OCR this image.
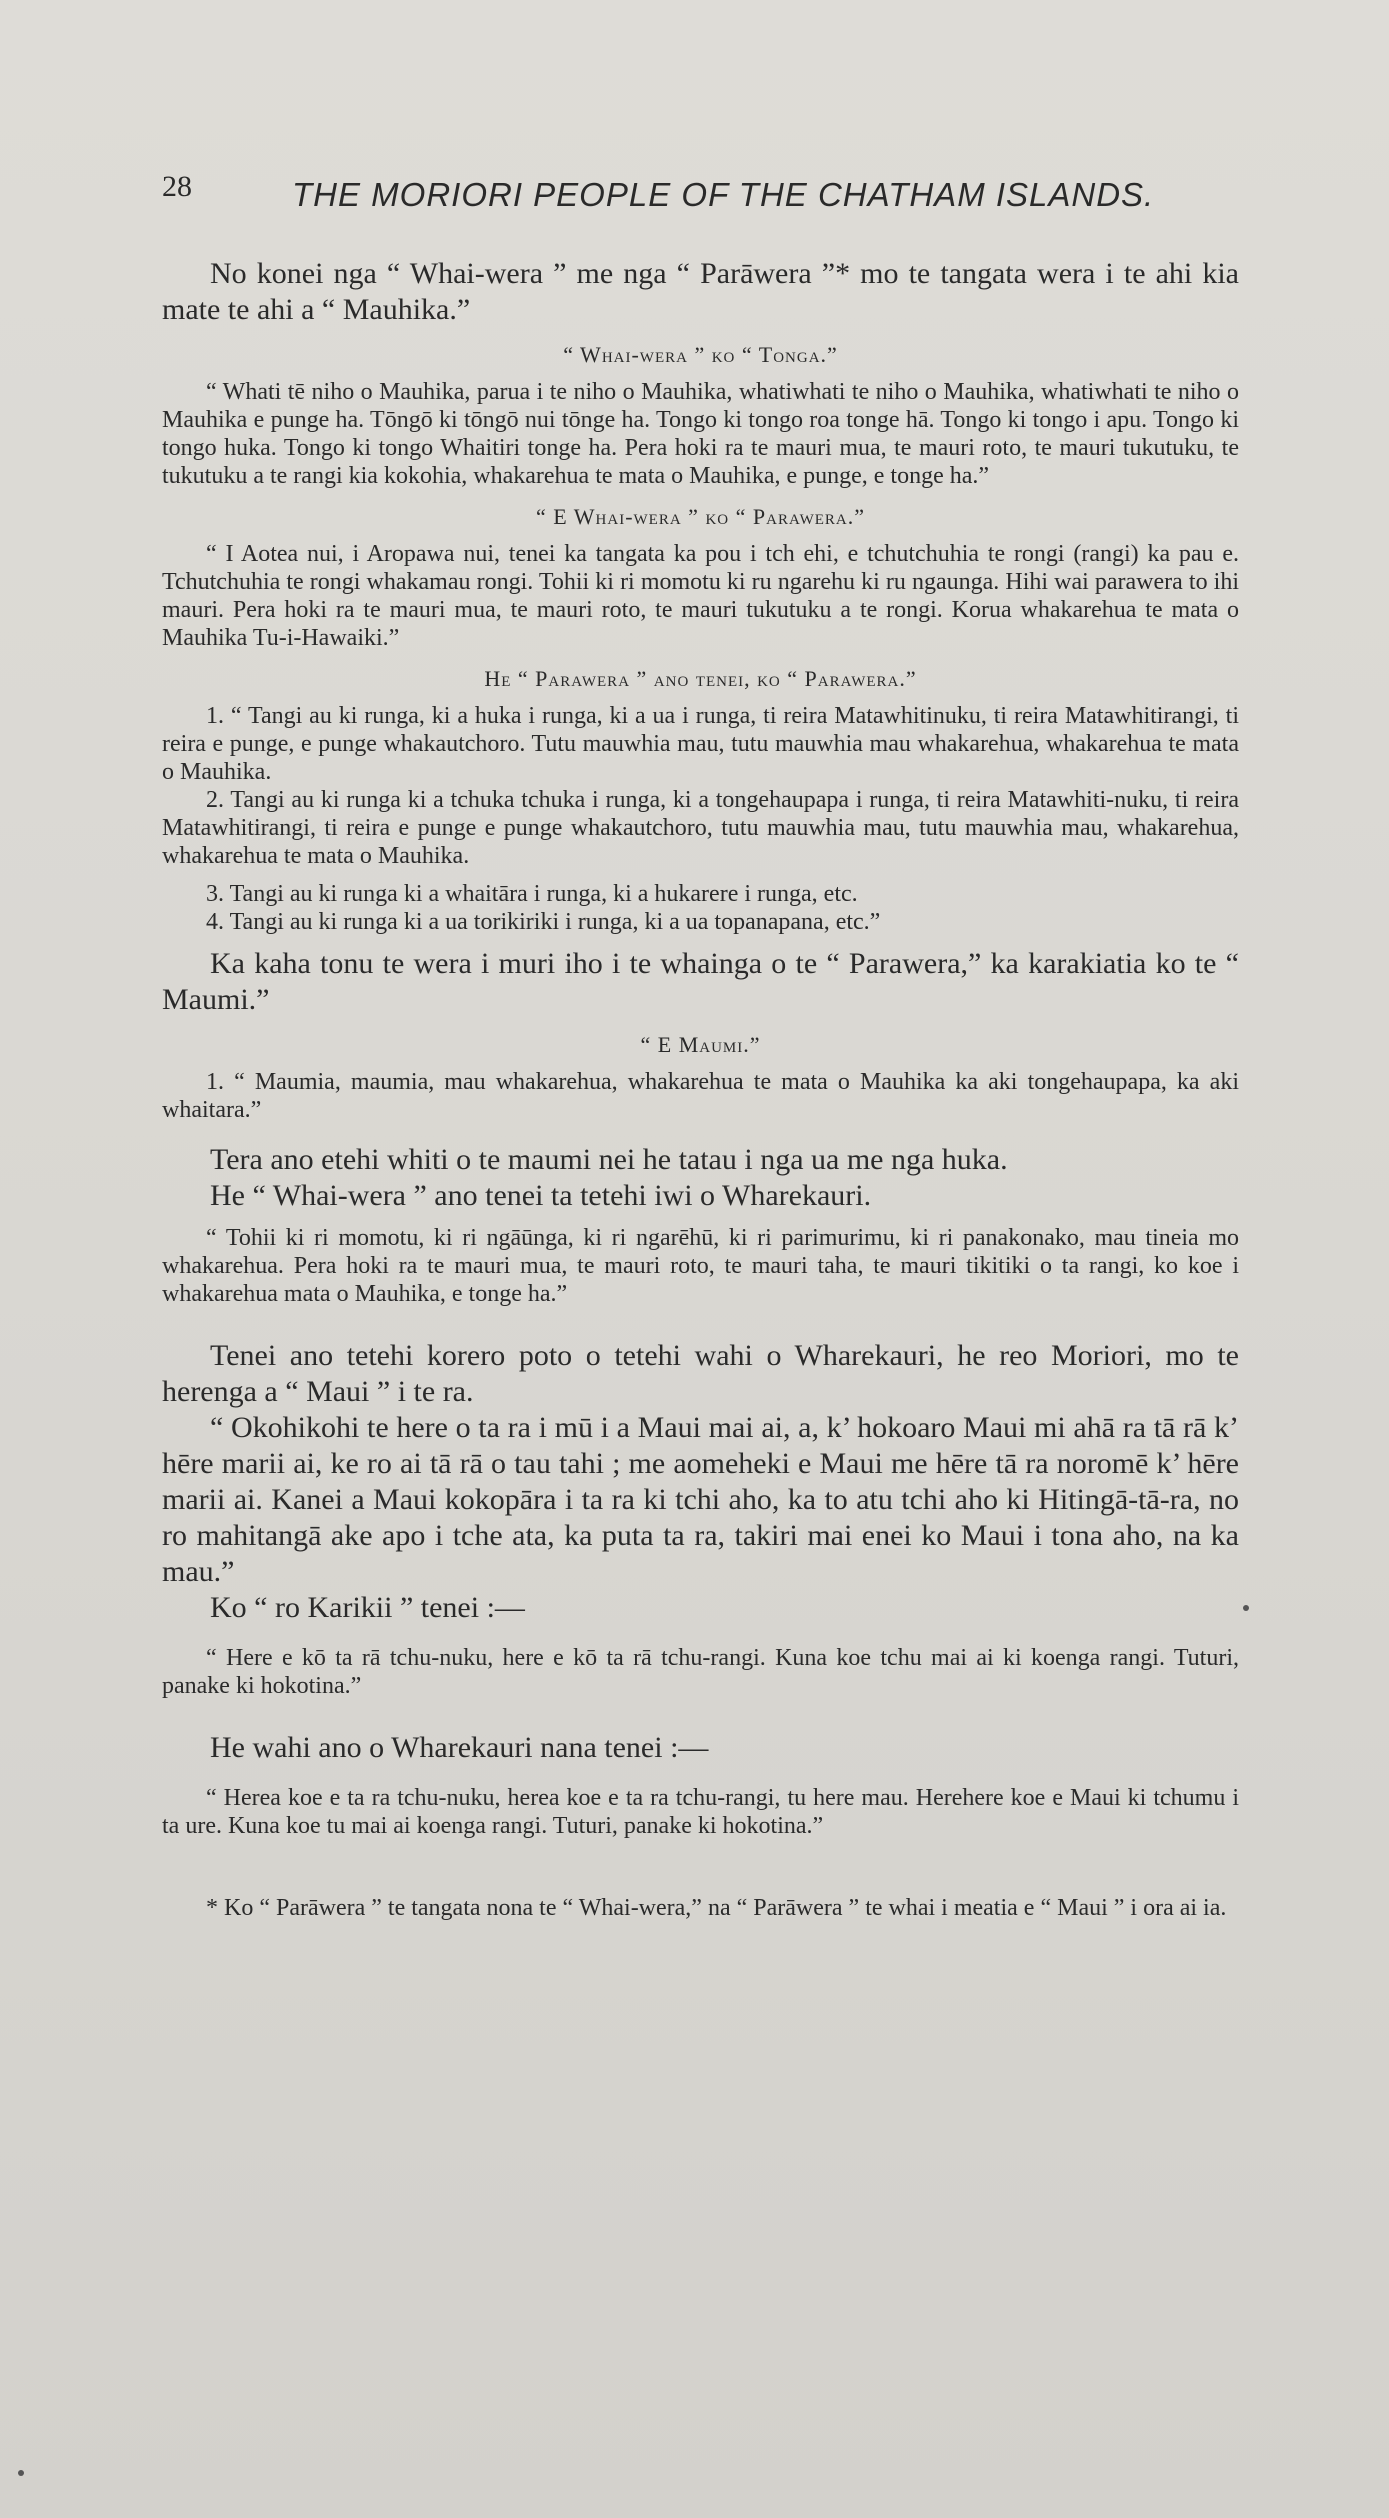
28	THE MORIORI PEOPLE OF THE CHATHAM ISLANDS.

No konei nga “ Whai-wera ” me nga “ Parāwera ”* mo te tangata wera i te ahi kia mate te ahi a “ Mauhika.”

“ Whai-wera ” ko “ Tonga.”

“ Whati tē niho o Mauhika, parua i te niho o Mauhika, whatiwhati te niho o Mauhika, whatiwhati te niho o Mauhika e punge ha. Tōngō ki tōngō nui tōnge ha. Tongo ki tongo roa tonge hā. Tongo ki tongo i apu. Tongo ki tongo huka. Tongo ki tongo Whaitiri tonge ha. Pera hoki ra te mauri mua, te mauri roto, te mauri tukutuku, te tukutuku a te rangi kia kokohia, whakarehua te mata o Mauhika, e punge, e tonge ha.”

“ E Whai-wera ” ko “ Parawera.”

“ I Aotea nui, i Aropawa nui, tenei ka tangata ka pou i tch ehi, e tchutchuhia te rongi (rangi) ka pau e. Tchutchuhia te rongi whakamau rongi. Tohii ki ri momotu ki ru ngarehu ki ru ngaunga. Hihi wai parawera to ihi mauri. Pera hoki ra te mauri mua, te mauri roto, te mauri tukutuku a te rongi. Korua whakarehua te mata o Mauhika Tu-i-Hawaiki.”

He “ Parawera ” ano tenei, ko “ Parawera.”

1. “ Tangi au ki runga, ki a huka i runga, ki a ua i runga, ti reira Matawhitinuku, ti reira Matawhitirangi, ti reira e punge, e punge whakautchoro. Tutu mauwhia mau, tutu mauwhia mau whakarehua, whakarehua te mata o Mauhika.

2. Tangi au ki runga ki a tchuka tchuka i runga, ki a tongehaupapa i runga, ti reira Matawhiti-nuku, ti reira Matawhitirangi, ti reira e punge e punge whakautchoro, tutu mauwhia mau, tutu mauwhia mau, whakarehua, whakarehua te mata o Mauhika.

3. Tangi au ki runga ki a whaitāra i runga, ki a hukarere i runga, etc.

4. Tangi au ki runga ki a ua torikiriki i runga, ki a ua topanapana, etc.”

Ka kaha tonu te wera i muri iho i te whainga o te “ Parawera,” ka karakiatia ko te “ Maumi.”

“ E Maumi.”

1. “ Maumia, maumia, mau whakarehua, whakarehua te mata o Mauhika ka aki tongehaupapa, ka aki whaitara.”

Tera ano etehi whiti o te maumi nei he tatau i nga ua me nga huka.

He “ Whai-wera ” ano tenei ta tetehi iwi o Wharekauri.

“ Tohii ki ri momotu, ki ri ngāūnga, ki ri ngarēhū, ki ri parimurimu, ki ri panakonako, mau tineia mo whakarehua. Pera hoki ra te mauri mua, te mauri roto, te mauri taha, te mauri tikitiki o ta rangi, ko koe i whakarehua mata o Mauhika, e tonge ha.”

Tenei ano tetehi korero poto o tetehi wahi o Wharekauri, he reo Moriori, mo te herenga a “ Maui ” i te ra.

“ Okohikohi te here o ta ra i mū i a Maui mai ai, a, k’ hokoaro Maui mi ahā ra tā rā k’ hēre marii ai, ke ro ai tā rā o tau tahi ; me aomeheki e Maui me hēre tā ra noromē k’ hēre marii ai. Kanei a Maui kokopāra i ta ra ki tchi aho, ka to atu tchi aho ki Hitingā-tā-ra, no ro mahitangā ake apo i tche ata, ka puta ta ra, takiri mai enei ko Maui i tona aho, na ka mau.”

Ko “ ro Karikii ” tenei :—

“ Here e kō ta rā tchu-nuku, here e kō ta rā tchu-rangi. Kuna koe tchu mai ai ki koenga rangi. Tuturi, panake ki hokotina.”

He wahi ano o Wharekauri nana tenei :—

“ Herea koe e ta ra tchu-nuku, herea koe e ta ra tchu-rangi, tu here mau. Herehere koe e Maui ki tchumu i ta ure. Kuna koe tu mai ai koenga rangi. Tuturi, panake ki hokotina.”

* Ko “ Parāwera ” te tangata nona te “ Whai-wera,” na “ Parāwera ” te whai i meatia e “ Maui ” i ora ai ia.
